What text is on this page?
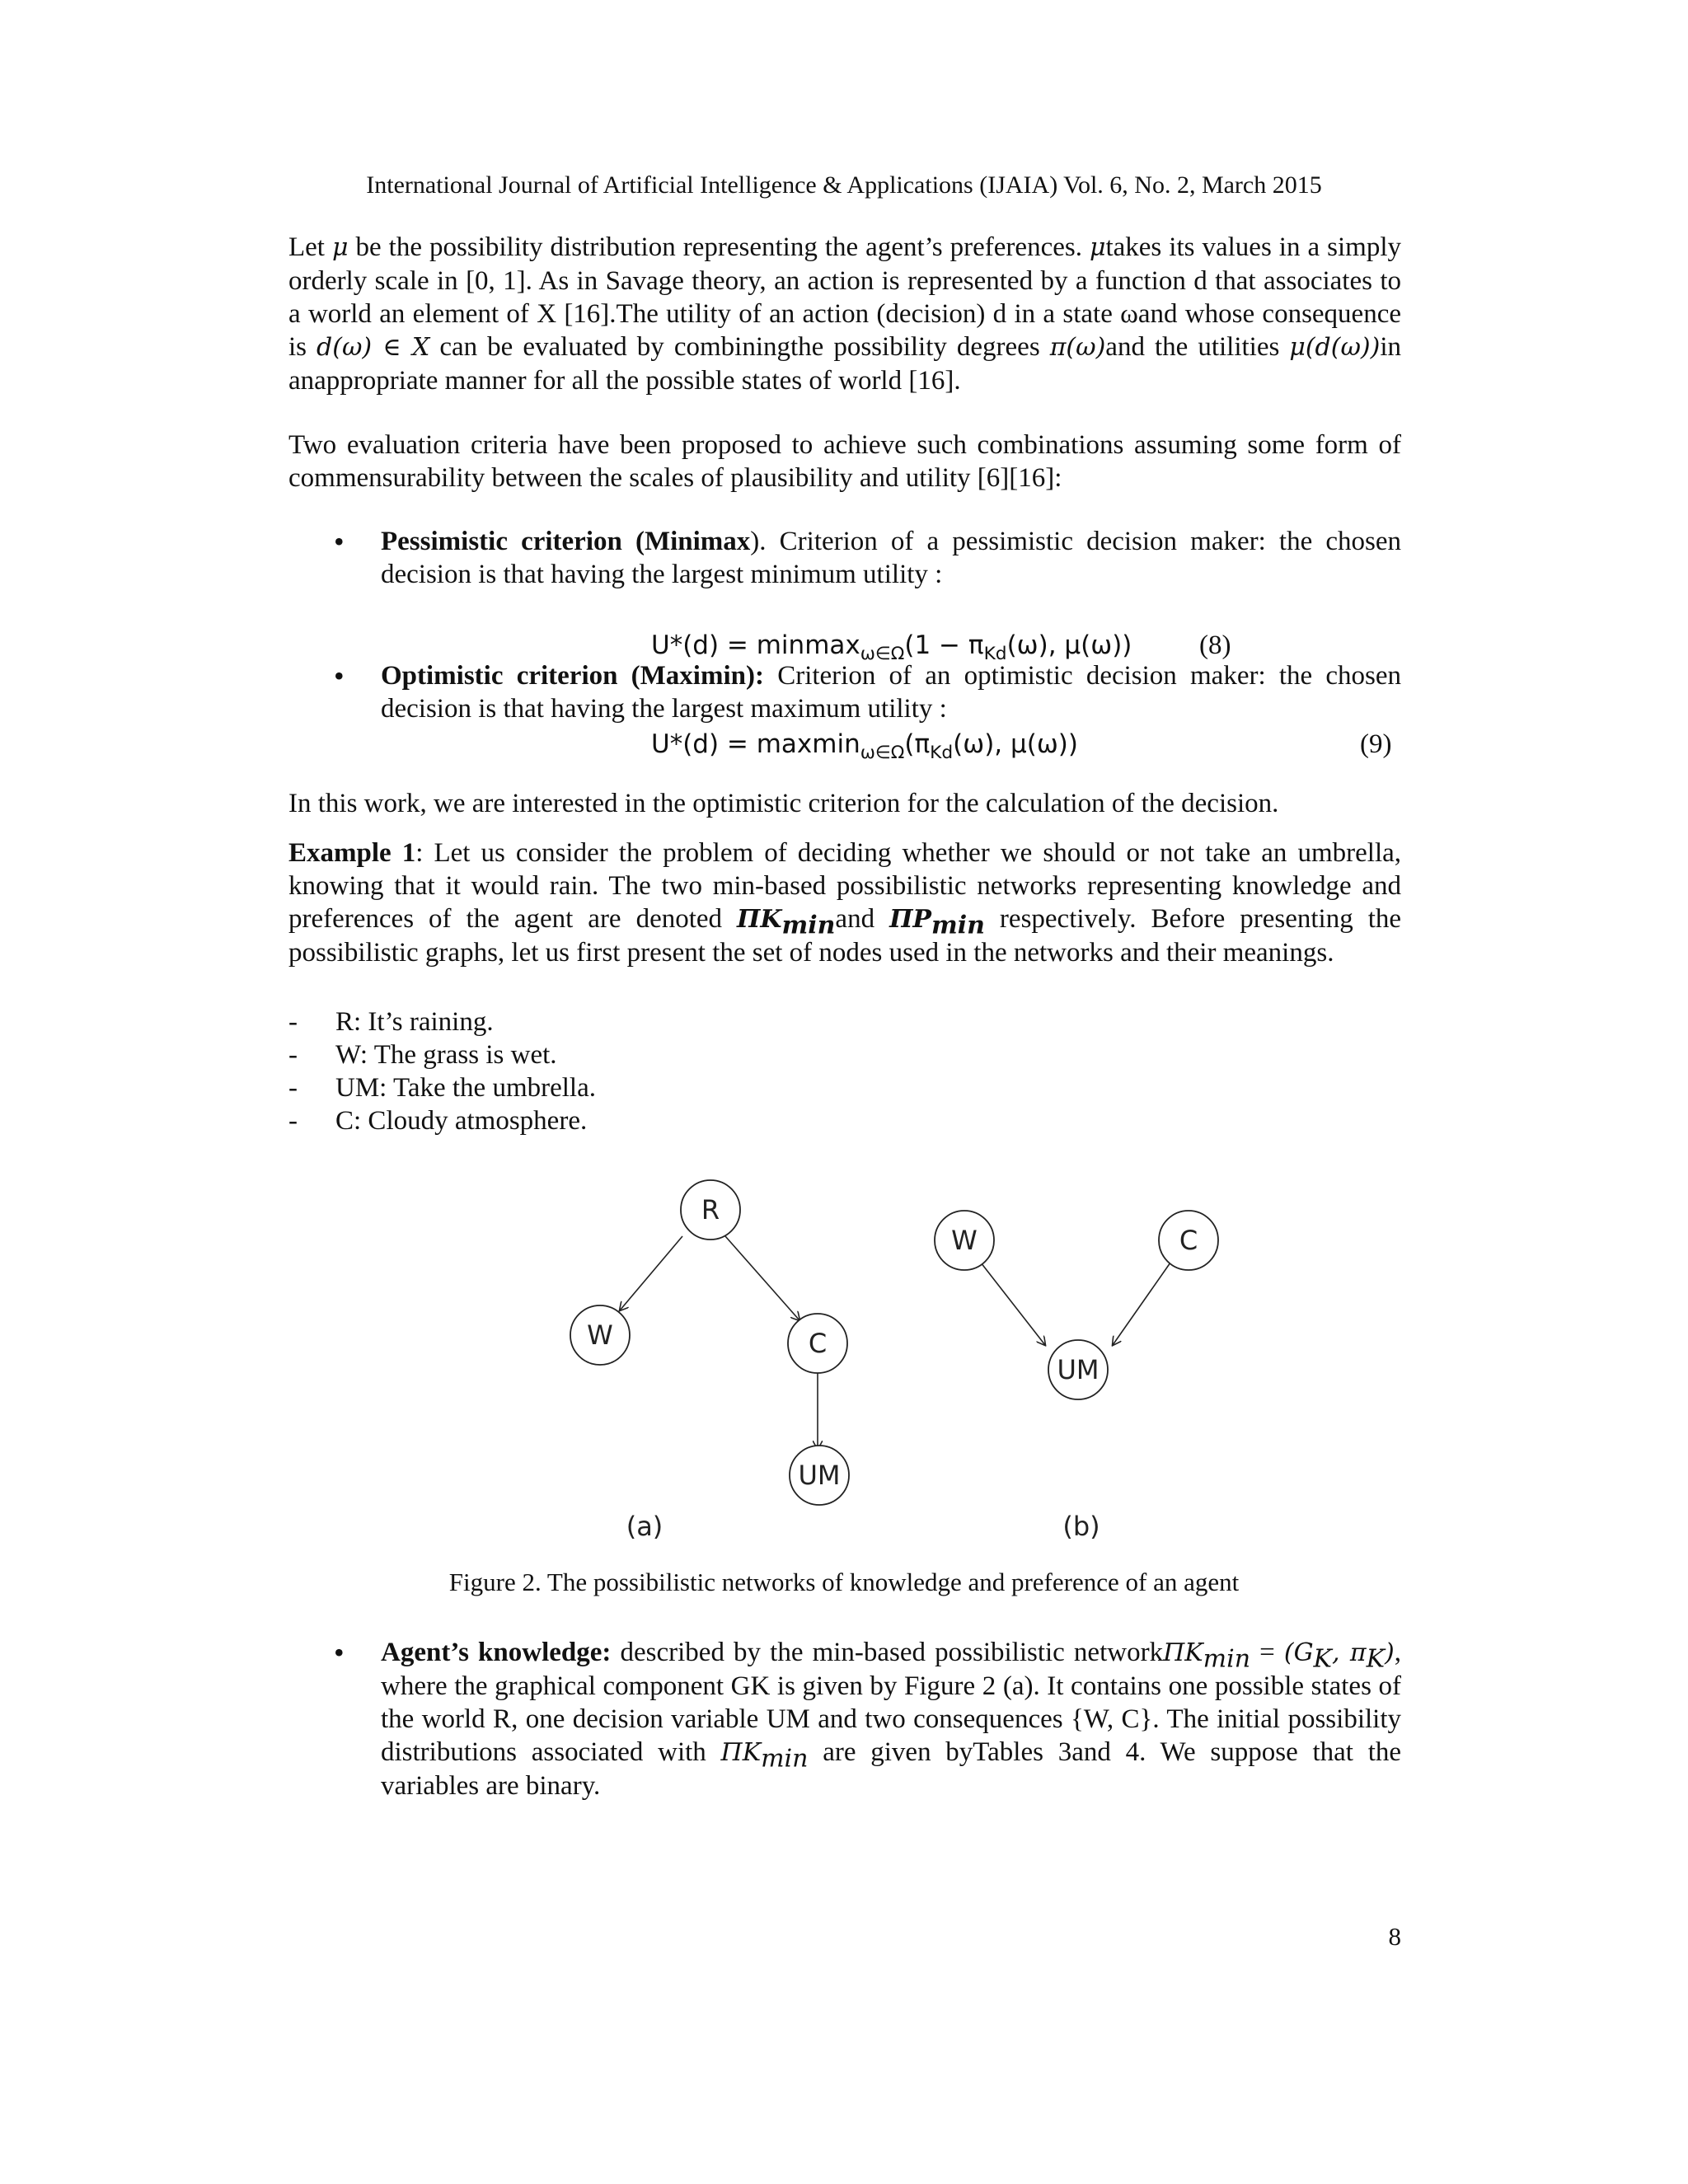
International Journal of Artificial Intelligence & Applications (IJAIA) Vol. 6, No. 2, March 2015
Let μ be the possibility distribution representing the agent’s preferences. μtakes its values in a simply orderly scale in [0, 1]. As in Savage theory, an action is represented by a function d that associates to a world an element of X [16].The utility of an action (decision) d in a state ωand whose consequence is d(ω) ∈ X can be evaluated by combiningthe possibility degrees π(ω)and the utilities μ(d(ω))in anappropriate manner for all the possible states of world [16].
Two evaluation criteria have been proposed to achieve such combinations assuming some form of commensurability between the scales of plausibility and utility [6][16]:
• Pessimistic criterion (Minimax). Criterion of a pessimistic decision maker: the chosen decision is that having the largest minimum utility :
$U*(d) = minmax_{\omega\in\Omega}(1 - \pi_{Kd}(\omega)$, μ(ω)) (8)
• Optimistic criterion (Maximin): Criterion of an optimistic decision maker: the chosen decision is that having the largest maximum utility :
$U*(d) = maxmin_{\omega\in\Omega}(\pi_{Kd}(\omega)$, μ(ω))	(9)
In this work, we are interested in the optimistic criterion for the calculation of the decision.
Example 1: Let us consider the problem of deciding whether we should or not take an umbrella, knowing that it would rain. The two min-based possibilistic networks representing knowledge and preferences of the agent are denoted $\Pi K_{min}and$ $\Pi P_{min}$ respectively. Before presenting the possibilistic graphs, let us first present the set of nodes used in the networks and their meanings.
- R: It’s raining.
- W: The grass is wet.
- UM: Take the umbrella.
- C: Cloudy atmosphere.
R
W	C
UM
W	C
UM
(a)	(b)
Figure 2. The possibilistic networks of knowledge and preference of an agent
• Agent’s knowledge: described by the min-based possibilistic networkΠK$_{min}$ = ($G_K$, $\pi_K$), where the graphical component GK is given by Figure 2 (a). It contains one possible states of the world R, one decision variable UM and two consequences {W, C}. The initial possibility distributions associated with $\Pi K_{min}$ are given byTables 3and 4. We suppose that the variables are binary.
8
